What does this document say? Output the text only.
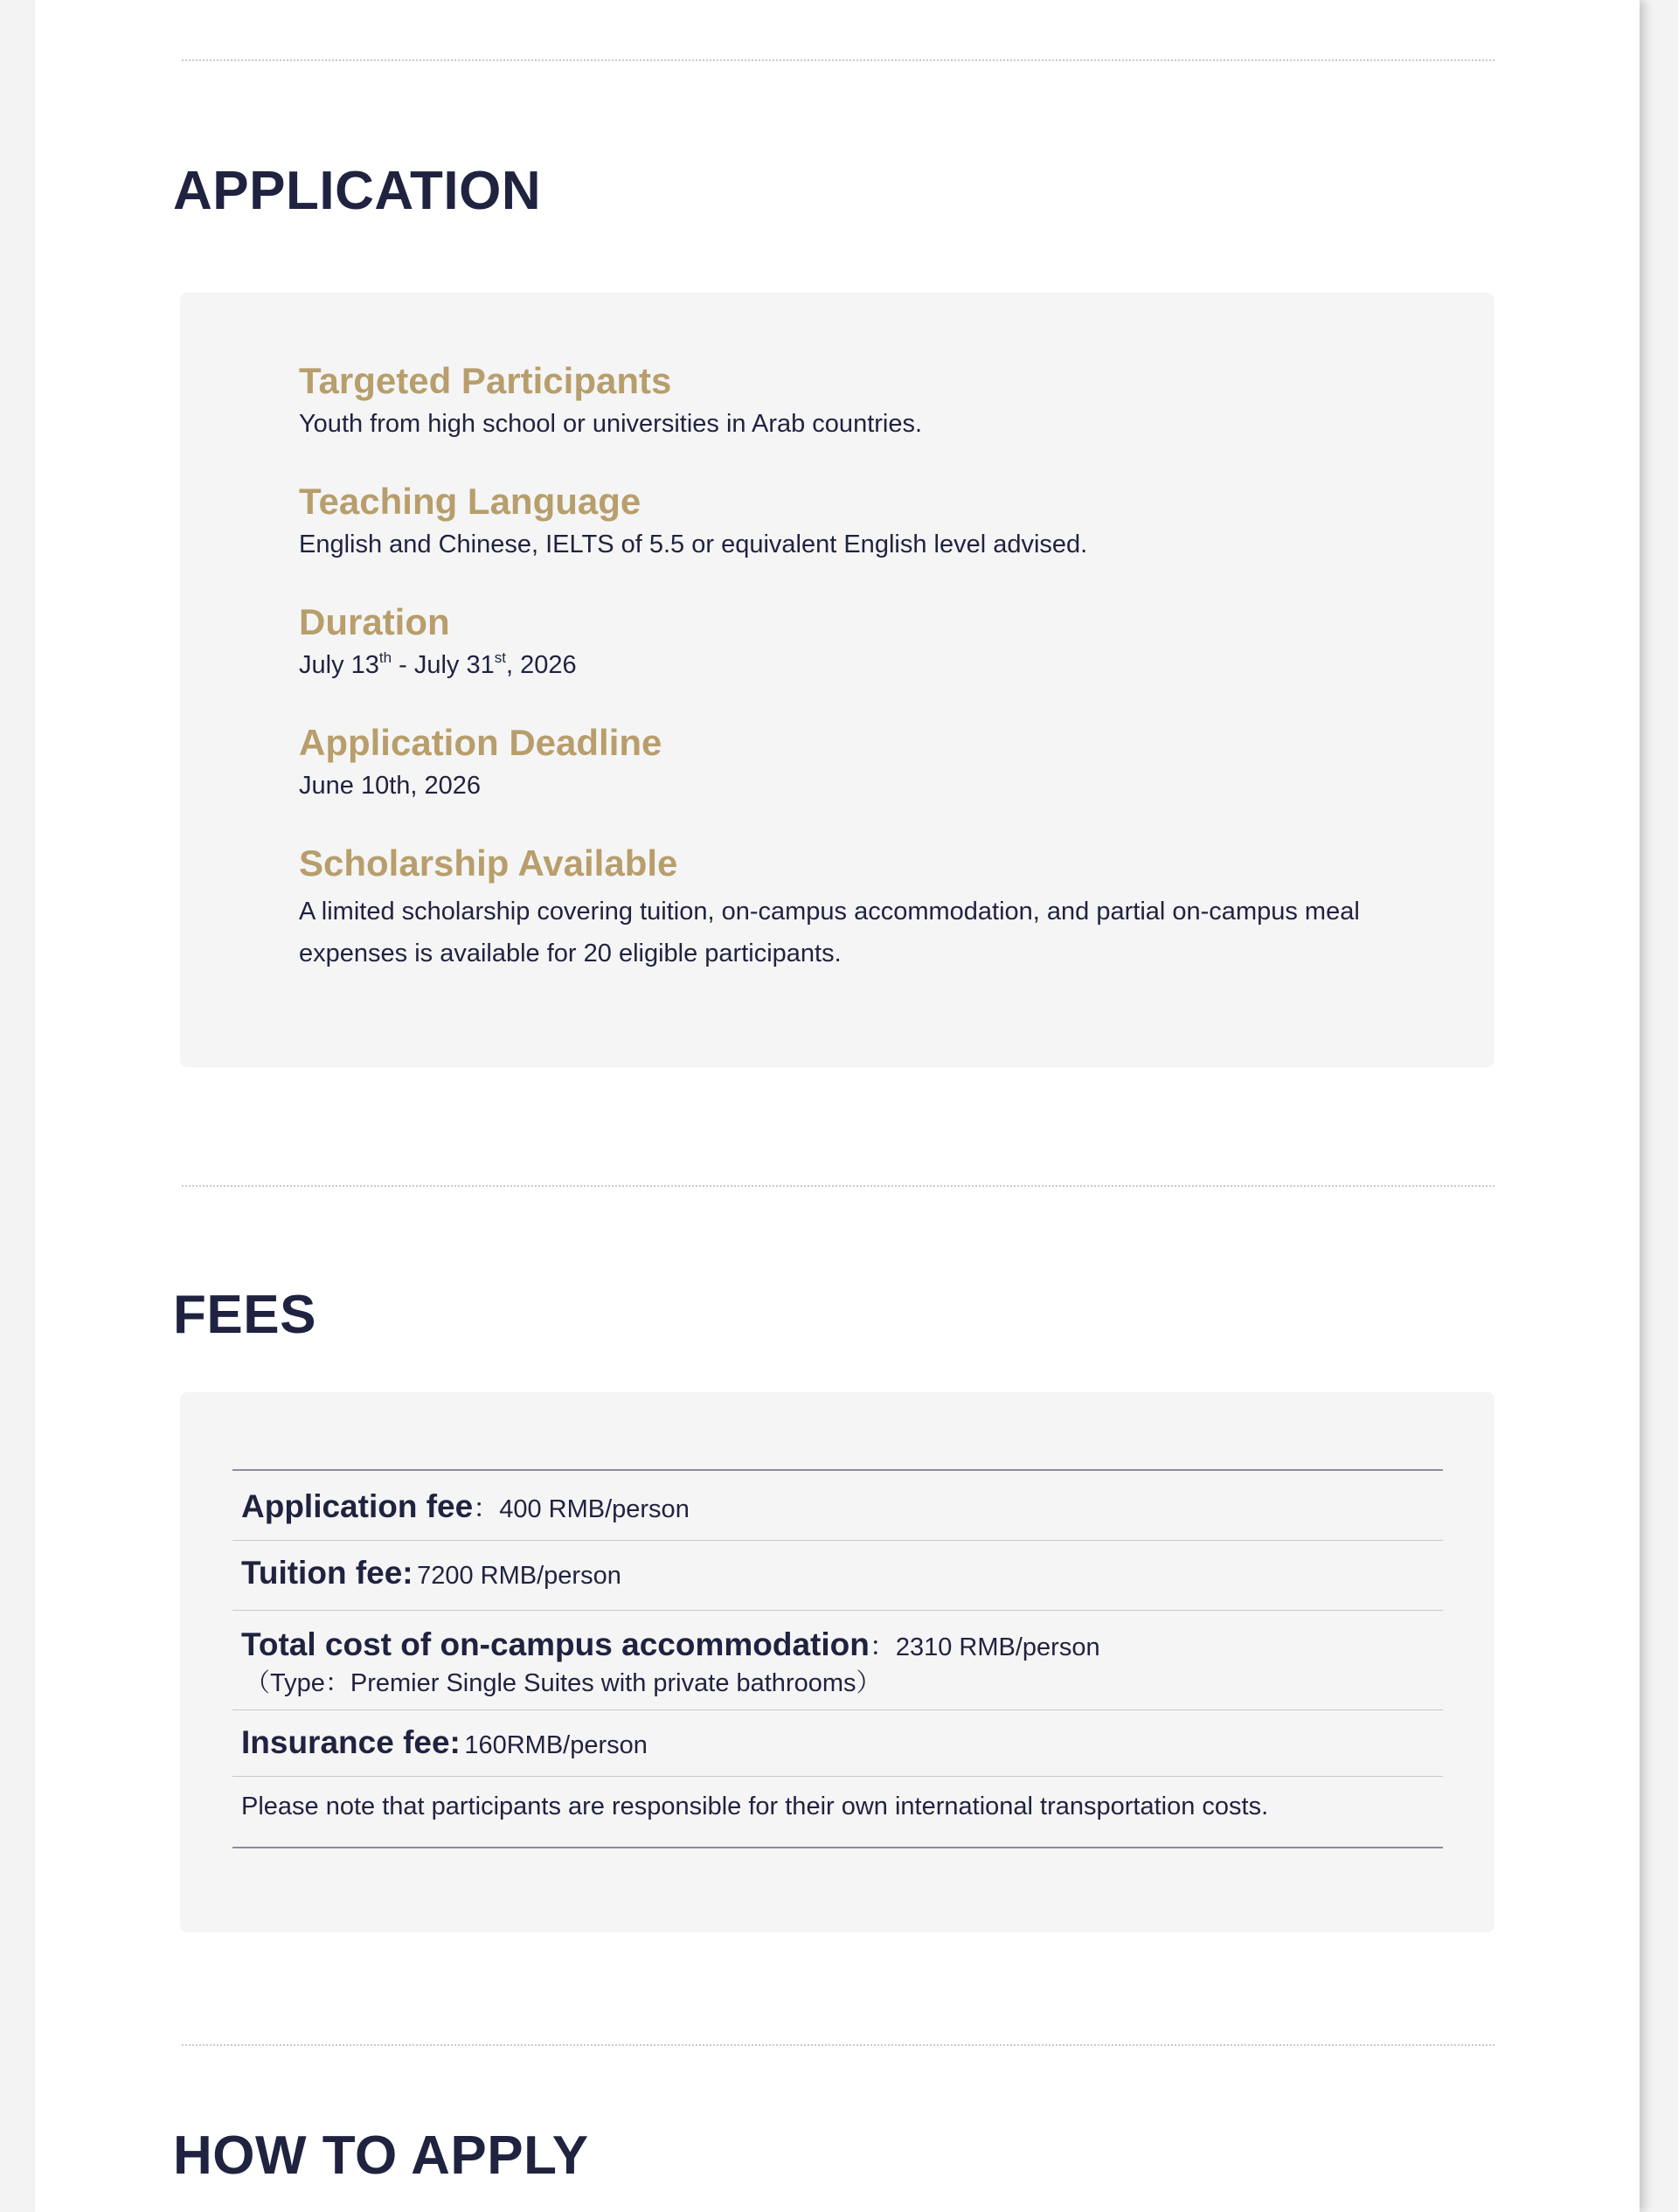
APPLICATION
Targeted Participants
Youth from high school or universities in Arab countries.
Teaching Language
English and Chinese, IELTS of 5.5 or equivalent English level advised.
Duration
July 13th - July 31st, 2026
Application Deadline
June 10th, 2026
Scholarship Available
A limited scholarship covering tuition, on-campus accommodation, and partial on-campus meal expenses is available for 20 eligible participants.
FEES
Application fee：400 RMB/person
Tuition fee: 7200 RMB/person
Total cost of on-campus accommodation：2310 RMB/person
（Type：Premier Single Suites with private bathrooms）
Insurance fee: 160RMB/person
Please note that participants are responsible for their own international transportation costs.
HOW TO APPLY
